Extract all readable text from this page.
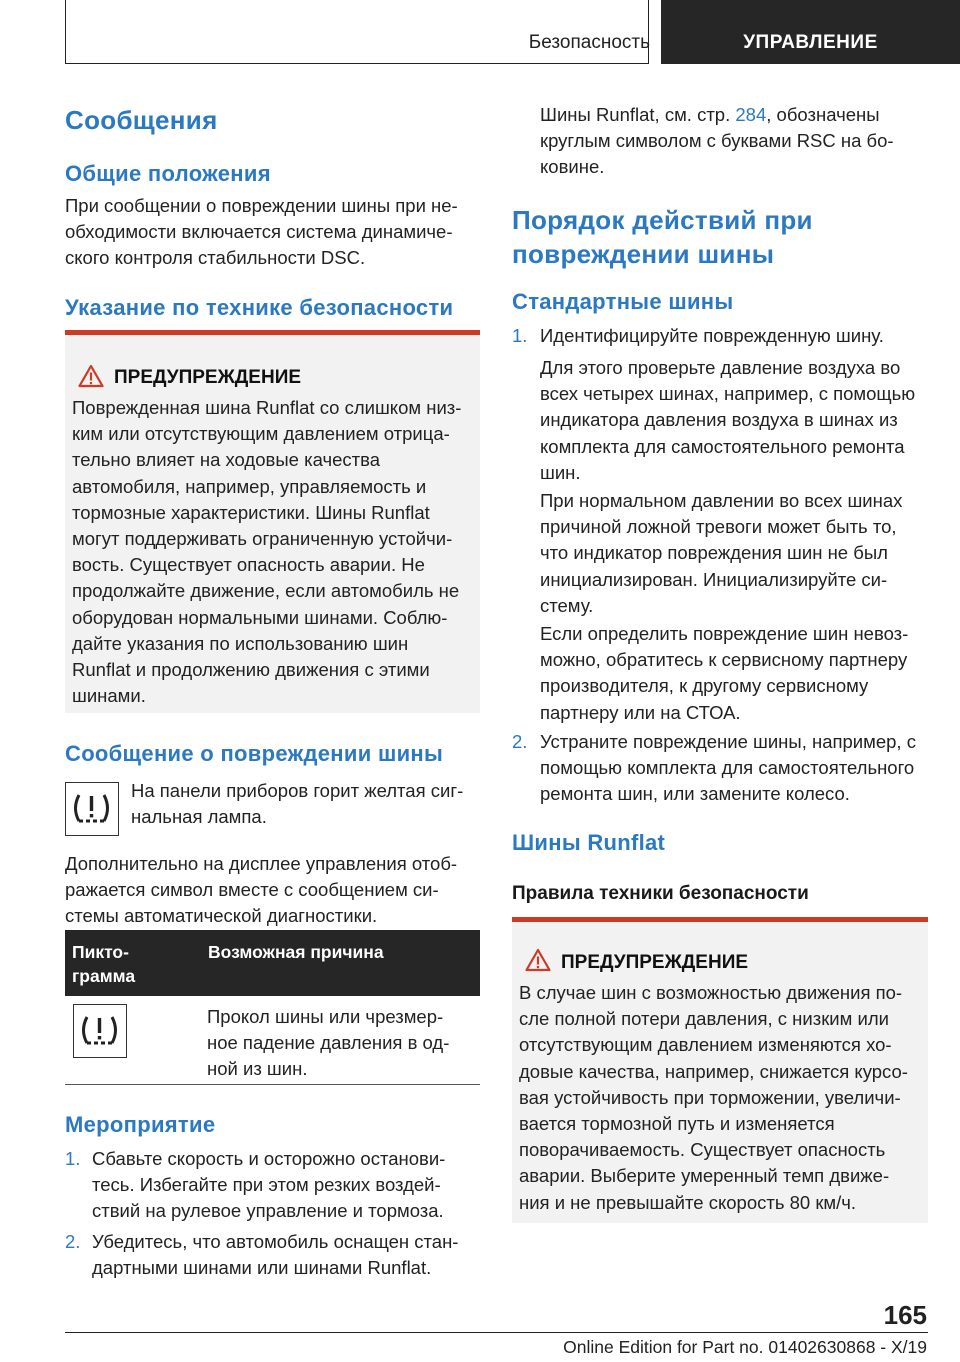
Безопасность	УПРАВЛЕНИЕ
Сообщения
Общие положения
При сообщении о повреждении шины при не-
обходимости включается система динамиче-
ского контроля стабильности DSC.
Указание по технике безопасности
ПРЕДУПРЕЖДЕНИЕ
Поврежденная шина Runflat со слишком низ-
ким или отсутствующим давлением отрица-
тельно влияет на ходовые качества
автомобиля, например, управляемость и
тормозные характеристики. Шины Runflat
могут поддерживать ограниченную устойчи-
вость. Существует опасность аварии. Не
продолжайте движение, если автомобиль не
оборудован нормальными шинами. Соблю-
дайте указания по использованию шин
Runflat и продолжению движения с этими
шинами.
Сообщение о повреждении шины
На панели приборов горит желтая сиг-
нальная лампа.
Дополнительно на дисплее управления отоб-
ражается символ вместе с сообщением си-
стемы автоматической диагностики.
Пикто-
грамма
Возможная причина
Прокол шины или чрезмер-
ное падение давления в од-
ной из шин.
Мероприятие
1. Сбавьте скорость и осторожно останови-
тесь. Избегайте при этом резких воздей-
ствий на рулевое управление и тормоза.
2. Убедитесь, что автомобиль оснащен стан-
дартными шинами или шинами Runflat.
Шины Runflat, см. стр. 284, обозначены
круглым символом с буквами RSC на бо-
ковине.
Порядок действий при
повреждении шины
Стандартные шины
1. Идентифицируйте поврежденную шину.
Для этого проверьте давление воздуха во
всех четырех шинах, например, с помощью
индикатора давления воздуха в шинах из
комплекта для самостоятельного ремонта
шин.
При нормальном давлении во всех шинах
причиной ложной тревоги может быть то,
что индикатор повреждения шин не был
инициализирован. Инициализируйте си-
стему.
Если определить повреждение шин невоз-
можно, обратитесь к сервисному партнеру
производителя, к другому сервисному
партнеру или на СТОА.
2. Устраните повреждение шины, например, с
помощью комплекта для самостоятельного
ремонта шин, или замените колесо.
Шины Runflat
Правила техники безопасности
ПРЕДУПРЕЖДЕНИЕ
В случае шин с возможностью движения по-
сле полной потери давления, с низким или
отсутствующим давлением изменяются хо-
довые качества, например, снижается курсо-
вая устойчивость при торможении, увеличи-
вается тормозной путь и изменяется
поворачиваемость. Существует опасность
аварии. Выберите умеренный темп движе-
ния и не превышайте скорость 80 км/ч.
165
Online Edition for Part no. 01402630868 - X/19
